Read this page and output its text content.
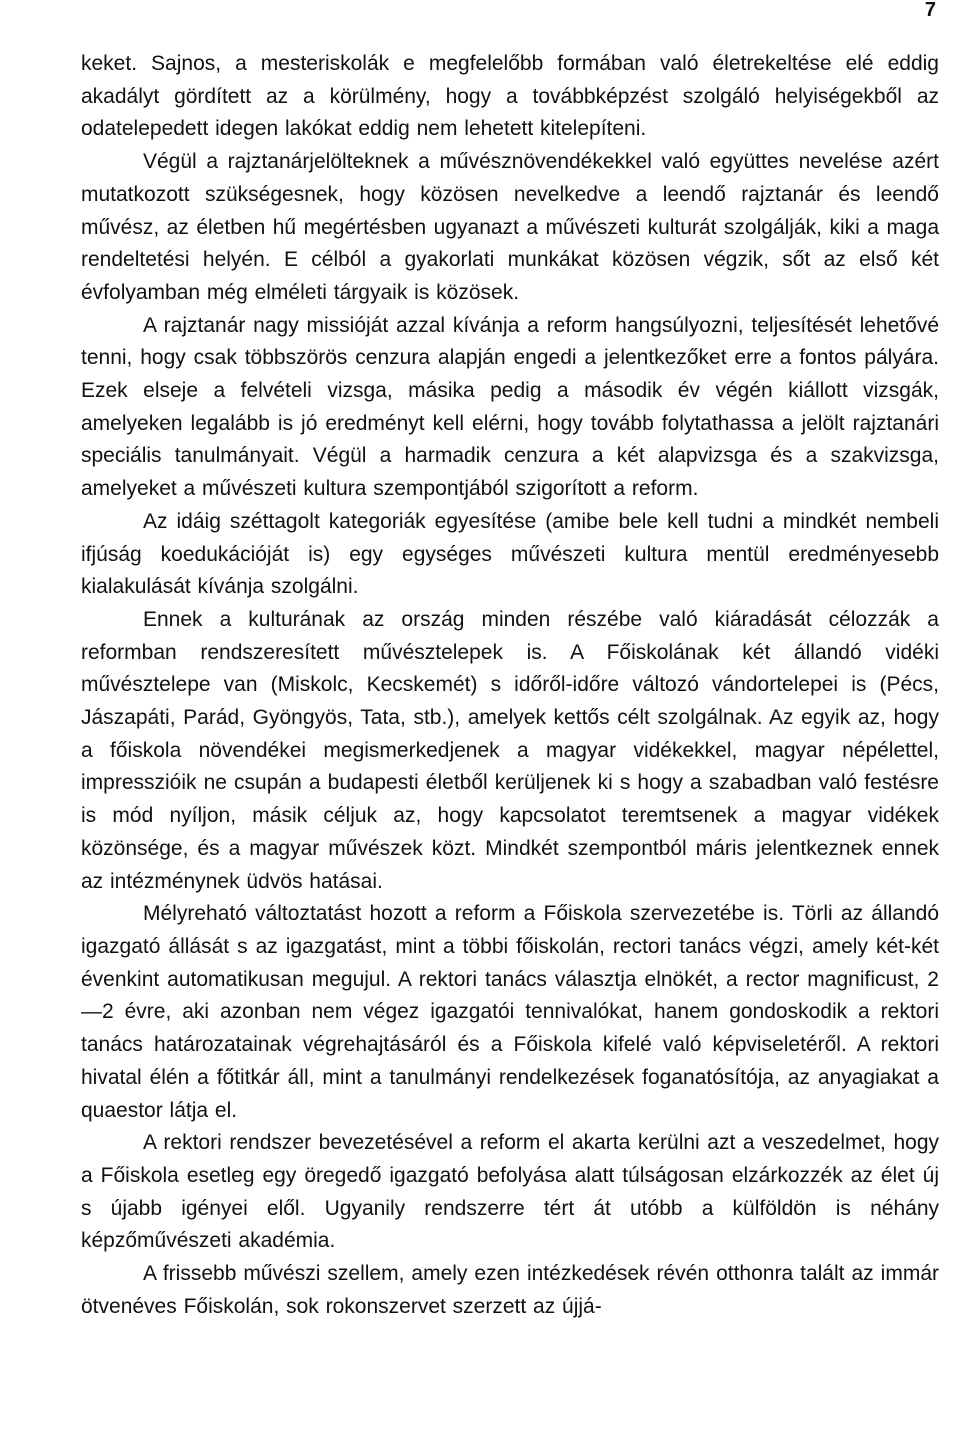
7

keket. Sajnos, a mesteriskolák e megfelelőbb formában való életrekeltése elé eddig akadályt gördített az a körülmény, hogy a továbbképzést szolgáló helyiségekből az odatelepedett idegen lakókat eddig nem lehetett kitelepíteni.

Végül a rajztanárjelölteknek a művésznövendékekkel való együttes nevelése azért mutatkozott szükségesnek, hogy közösen nevelkedve a leendő rajztanár és leendő művész, az életben hű megértésben ugyanazt a művészeti kulturát szolgálják, kiki a maga rendeltetési helyén. E célból a gyakorlati munkákat közösen végzik, sőt az első két évfolyamban még elméleti tárgyaik is közösek.

A rajztanár nagy missióját azzal kívánja a reform hangsúlyozni, teljesítését lehetővé tenni, hogy csak többszörös cenzura alapján engedi a jelentkezőket erre a fontos pályára. Ezek elseje a felvételi vizsga, másika pedig a második év végén kiállott vizsgák, amelyeken legalább is jó eredményt kell elérni, hogy tovább folytathassa a jelölt rajztanári speciális tanulmányait. Végül a harmadik cenzura a két alapvizsga és a szakvizsga, amelyeket a művészeti kultura szempontjából szigorított a reform.

Az idáig széttagolt kategoriák egyesítése (amibe bele kell tudni a mindkét nembeli ifjúság koedukációját is) egy egységes művészeti kultura mentül eredményesebb kialakulását kívánja szolgálni.

Ennek a kulturának az ország minden részébe való kiáradását célozzák a reformban rendszeresített művésztelepek is. A Főiskolának két állandó vidéki művésztelepe van (Miskolc, Kecskemét) s időről-időre változó vándortelepei is (Pécs, Jászapáti, Parád, Gyöngyös, Tata, stb.), amelyek kettős célt szolgálnak. Az egyik az, hogy a főiskola növendékei megismerkedjenek a magyar vidékekkel, magyar népélettel, impresszióik ne csupán a budapesti életből kerüljenek ki s hogy a szabadban való festésre is mód nyíljon, másik céljuk az, hogy kapcsolatot teremtsenek a magyar vidékek közönsége, és a magyar művészek közt. Mindkét szempontból máris jelentkeznek ennek az intézménynek üdvös hatásai.

Mélyreható változtatást hozott a reform a Főiskola szervezetébe is. Törli az állandó igazgató állását s az igazgatást, mint a többi főiskolán, rectori tanács végzi, amely két-két évenkint automatikusan megujul. A rektori tanács választja elnökét, a rector magnificust, 2—2 évre, aki azonban nem végez igazgatói tennivalókat, hanem gondoskodik a rektori tanács határozatainak végrehajtásáról és a Főiskola kifelé való képviseletéről. A rektori hivatal élén a főtitkár áll, mint a tanulmányi rendelkezések foganatósítója, az anyagiakat a quaestor látja el.

A rektori rendszer bevezetésével a reform el akarta kerülni azt a veszedelmet, hogy a Főiskola esetleg egy öregedő igazgató befolyása alatt túlságosan elzárkozzék az élet új s újabb igényei elől. Ugyanily rendszerre tért át utóbb a külföldön is néhány képzőművészeti akadémia.

A frissebb művészi szellem, amely ezen intézkedések révén otthonra talált az immár ötvenéves Főiskolán, sok rokonszervet szerzett az újjá-
